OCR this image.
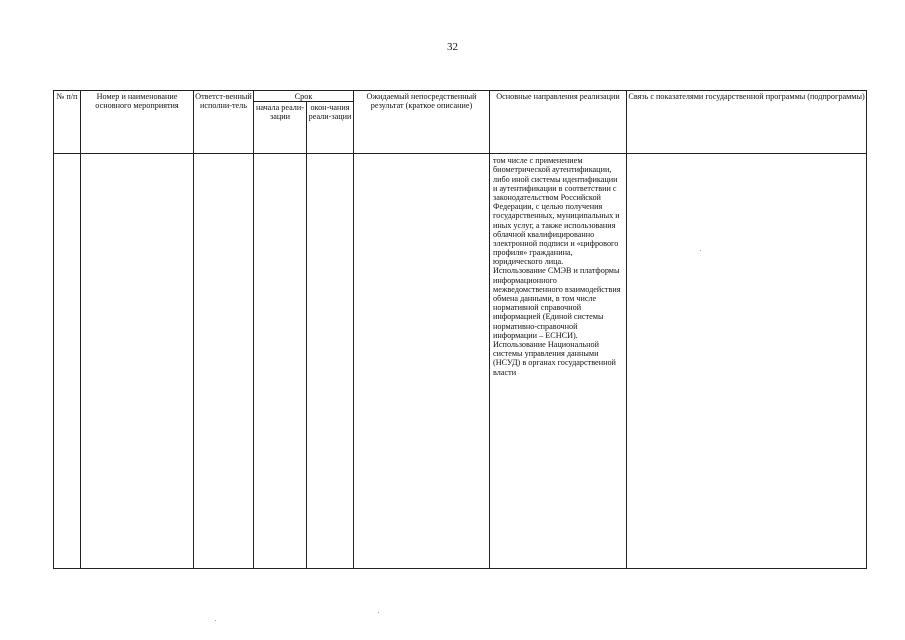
32
№ п/п	Номер и наименование основного мероприятия	Ответст-венный исполни-тель	Срок		Ожидаемый непосредственный результат (краткое описание)	Основные направления реализации	Связь с показателями государственной программы (подпрограммы)
			начала реали-зации	окон-чания реали-зации			

						том числе с применением биометрической аутентификации, либо иной системы идентификации и аутентификации в соответствии с законодательством Российской Федерации, с целью получения государственных, муниципальных и иных услуг, а также использования облачной квалифицированно электронной подписи и «цифрового профиля» гражданина, юридического лица.

Использование СМЭВ и платформы информационного межведомственного взаимодействия обмена данными, в том числе нормативной справочной информацией (Единой системы нормативно-справочной информации – ЕСНСИ).

Использование Национальной системы управления данными (НСУД) в органах государственной власти	
